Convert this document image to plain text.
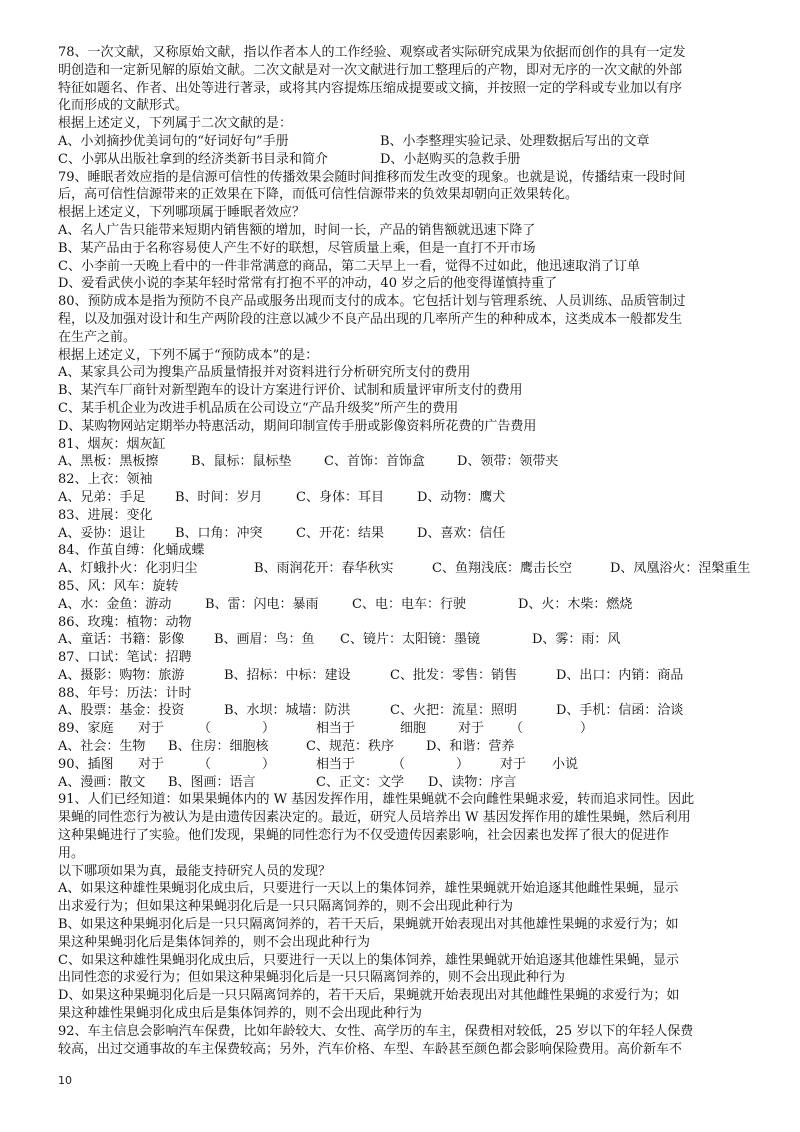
78、一次文献，又称原始文献，指以作者本人的工作经验、观察或者实际研究成果为依据而创作的具有一定发
明创造和一定新见解的原始文献。二次文献是对一次文献进行加工整理后的产物，即对无序的一次文献的外部
特征如题名、作者、出处等进行著录，或将其内容提炼压缩成提要或文摘，并按照一定的学科或专业加以有序
化而形成的文献形式。
根据上述定义，下列属于二次文献的是：
A、小刘摘抄优美词句的“好词好句”手册	B、小李整理实验记录、处理数据后写出的文章
C、小郭从出版社拿到的经济类新书目录和简介	D、小赵购买的急救手册
79、睡眠者效应指的是信源可信性的传播效果会随时间推移而发生改变的现象。也就是说，传播结束一段时间
后，高可信性信源带来的正效果在下降，而低可信性信源带来的负效果却朝向正效果转化。
根据上述定义，下列哪项属于睡眠者效应？
A、名人广告只能带来短期内销售额的增加，时间一长，产品的销售额就迅速下降了
B、某产品由于名称容易使人产生不好的联想，尽管质量上乘，但是一直打不开市场
C、小李前一天晚上看中的一件非常满意的商品，第二天早上一看，觉得不过如此，他迅速取消了订单
D、爱看武侠小说的李某年轻时常常有打抱不平的冲动，40 岁之后的他变得谨慎持重了
80、预防成本是指为预防不良产品或服务出现而支付的成本。它包括计划与管理系统、人员训练、品质管制过
程，以及加强对设计和生产两阶段的注意以减少不良产品出现的几率所产生的种种成本，这类成本一般都发生
在生产之前。
根据上述定义，下列不属于“预防成本”的是：
A、某家具公司为搜集产品质量情报并对资料进行分析研究所支付的费用
B、某汽车厂商针对新型跑车的设计方案进行评价、试制和质量评审所支付的费用
C、某手机企业为改进手机品质在公司设立“产品升级奖”所产生的费用
D、某购物网站定期举办特惠活动，期间印制宣传手册或影像资料所花费的广告费用
81、烟灰：烟灰缸
A、黑板：黑板擦	B、鼠标：鼠标垫 C、首饰：首饰盒 D、领带：领带夹
82、上衣：领袖
A、兄弟：手足 B、时间：岁月	C、身体：耳目	D、动物：鹰犬
83、进展：变化
A、妥协：退让 B、口角：冲突	C、开花：结果	D、喜欢：信任
84、作茧自缚：化蛹成蝶
A、灯蛾扑火：化羽归尘	B、雨润花开：春华秋实	C、鱼翔浅底：鹰击长空	D、凤凰浴火：涅槃重生
85、风：风车：旋转
A、水：金鱼：游动	B、雷：闪电：暴雨	C、电：电车：行驶	D、火：木柴：燃烧
86、玫瑰：植物：动物
A、童话：书籍：影像 B、画眉：鸟：鱼 C、镜片：太阳镜：墨镜	D、雾：雨：风
87、口试：笔试：招聘
A、摄影：购物：旅游	B、招标：中标：建设	C、批发：零售：销售	D、出口：内销：商品
88、年号：历法：计时
A、股票：基金：投资	B、水坝：城墙：防洪	C、火把：流星：照明	D、手机：信函：洽谈
89、家庭 对于	（	）	相当于	细胞 对于 （	）
A、社会：生物 B、住房：细胞核	C、规范：秩序 D、和谐：营养
90、插图 对于	（	）	相当于	（	） 对于 小说
A、漫画：散文 B、图画：语言	C、正文：文学 D、读物：序言
91、人们已经知道：如果果蝇体内的 W 基因发挥作用，雄性果蝇就不会向雌性果蝇求爱，转而追求同性。因此
果蝇的同性恋行为被认为是由遗传因素决定的。最近，研究人员培养出 W 基因发挥作用的雄性果蝇，然后利用
这种果蝇进行了实验。他们发现，果蝇的同性恋行为不仅受遗传因素影响，社会因素也发挥了很大的促进作
用。
以下哪项如果为真，最能支持研究人员的发现？
A、如果这种雄性果蝇羽化成虫后，只要进行一天以上的集体饲养，雄性果蝇就开始追逐其他雌性果蝇，显示
出求爱行为；但如果这种果蝇羽化后是一只只隔离饲养的，则不会出现此种行为
B、如果这种果蝇羽化后是一只只隔离饲养的，若干天后，果蝇就开始表现出对其他雄性果蝇的求爱行为；如
果这种果蝇羽化后是集体饲养的，则不会出现此种行为
C、如果这种雄性果蝇羽化成虫后，只要进行一天以上的集体饲养，雄性果蝇就开始追逐其他雄性果蝇，显示
出同性恋的求爱行为；但如果这种果蝇羽化后是一只只隔离饲养的，则不会出现此种行为
D、如果这种果蝇羽化后是一只只隔离饲养的，若干天后，果蝇就开始表现出对其他雌性果蝇的求爱行为；如
果这种雄性果蝇羽化成虫后是集体饲养的，则不会出现此种行为
92、车主信息会影响汽车保费，比如年龄较大、女性、高学历的车主，保费相对较低，25 岁以下的年轻人保费
较高，出过交通事故的车主保费较高；另外，汽车价格、车型、车龄甚至颜色都会影响保险费用。高价新车不
10
